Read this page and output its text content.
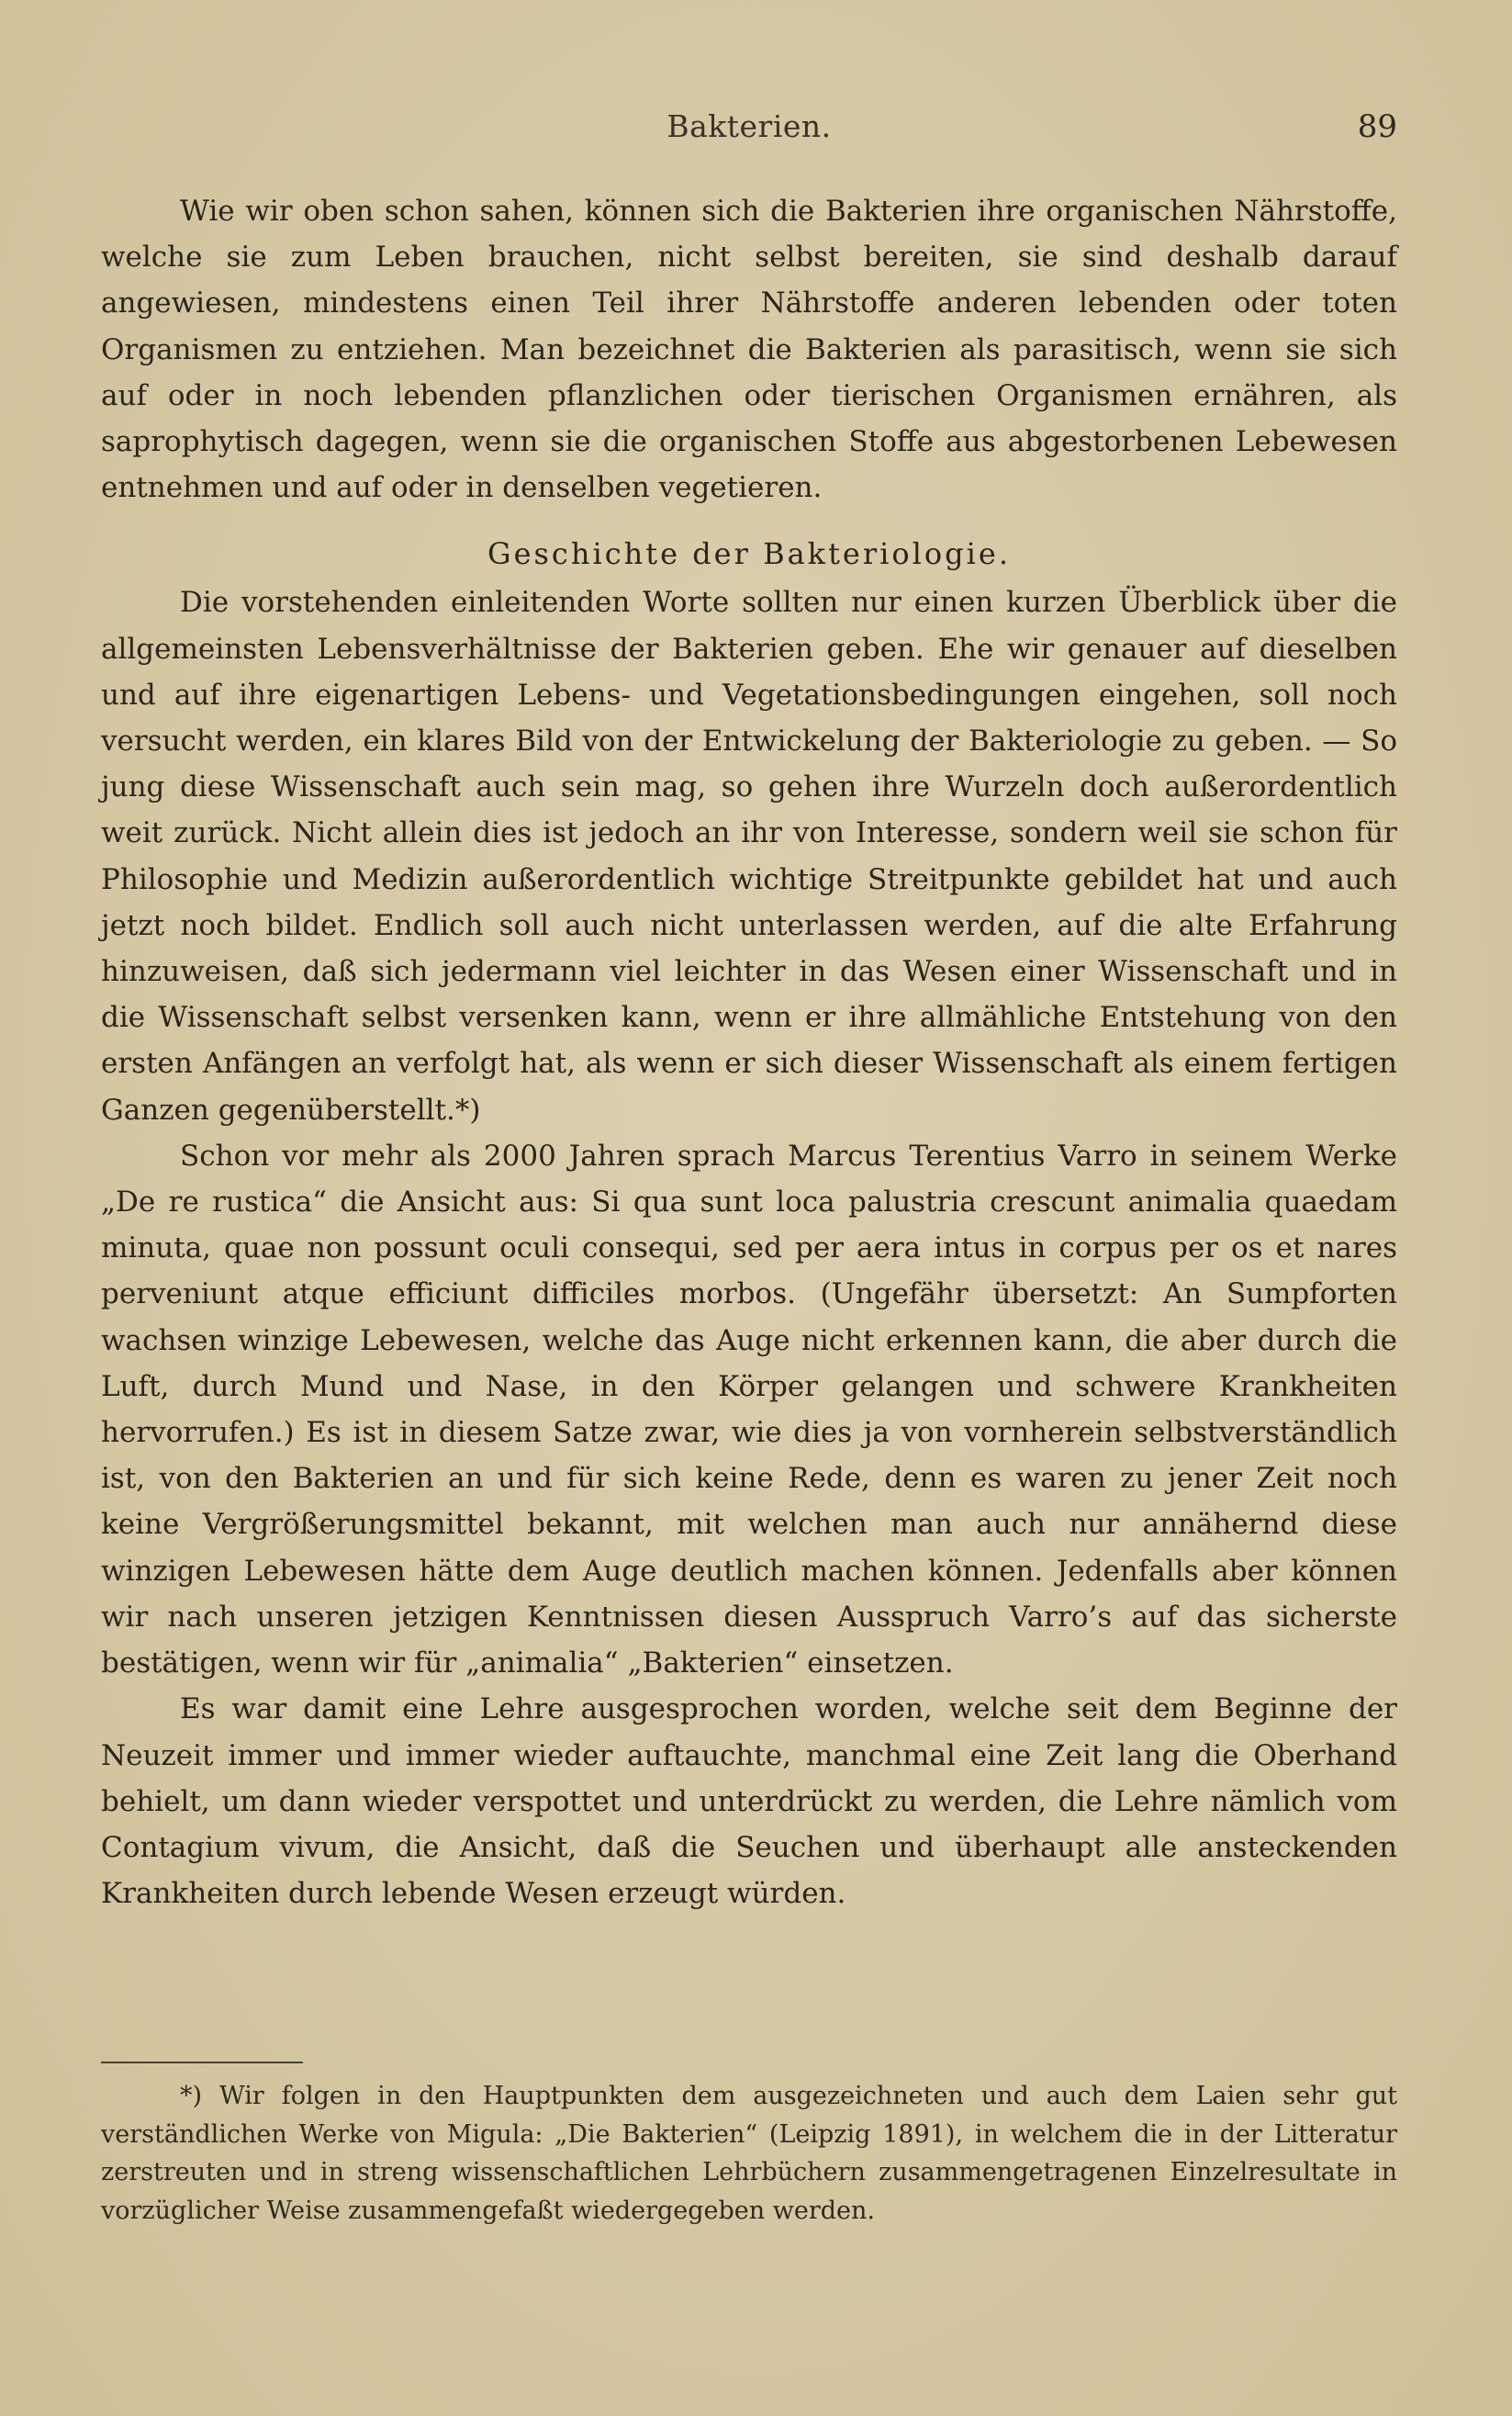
Bakterien.	89

Wie wir oben schon sahen, können sich die Bakterien ihre organischen Nährstoffe, welche sie zum Leben brauchen, nicht selbst bereiten, sie sind deshalb darauf angewiesen, mindestens einen Teil ihrer Nährstoffe anderen lebenden oder toten Organismen zu entziehen. Man bezeichnet die Bakterien als parasitisch, wenn sie sich auf oder in noch lebenden pflanzlichen oder tierischen Organismen ernähren, als saprophytisch dagegen, wenn sie die organischen Stoffe aus abgestorbenen Lebewesen entnehmen und auf oder in denselben vegetieren.

Geschichte der Bakteriologie.

Die vorstehenden einleitenden Worte sollten nur einen kurzen Überblick über die allgemeinsten Lebensverhältnisse der Bakterien geben. Ehe wir genauer auf dieselben und auf ihre eigenartigen Lebens- und Vegetationsbedingungen eingehen, soll noch versucht werden, ein klares Bild von der Entwickelung der Bakteriologie zu geben. — So jung diese Wissenschaft auch sein mag, so gehen ihre Wurzeln doch außerordentlich weit zurück. Nicht allein dies ist jedoch an ihr von Interesse, sondern weil sie schon für Philosophie und Medizin außerordentlich wichtige Streitpunkte gebildet hat und auch jetzt noch bildet. Endlich soll auch nicht unterlassen werden, auf die alte Erfahrung hinzuweisen, daß sich jedermann viel leichter in das Wesen einer Wissenschaft und in die Wissenschaft selbst versenken kann, wenn er ihre allmähliche Entstehung von den ersten Anfängen an verfolgt hat, als wenn er sich dieser Wissenschaft als einem fertigen Ganzen gegenüberstellt.*)

Schon vor mehr als 2000 Jahren sprach Marcus Terentius Varro in seinem Werke „De re rustica“ die Ansicht aus: Si qua sunt loca palustria crescunt animalia quaedam minuta, quae non possunt oculi consequi, sed per aera intus in corpus per os et nares perveniunt atque efficiunt difficiles morbos. (Ungefähr übersetzt: An Sumpforten wachsen winzige Lebewesen, welche das Auge nicht erkennen kann, die aber durch die Luft, durch Mund und Nase, in den Körper gelangen und schwere Krankheiten hervorrufen.) Es ist in diesem Satze zwar, wie dies ja von vornherein selbstverständlich ist, von den Bakterien an und für sich keine Rede, denn es waren zu jener Zeit noch keine Vergrößerungsmittel bekannt, mit welchen man auch nur annähernd diese winzigen Lebewesen hätte dem Auge deutlich machen können. Jedenfalls aber können wir nach unseren jetzigen Kenntnissen diesen Ausspruch Varro’s auf das sicherste bestätigen, wenn wir für „animalia“ „Bakterien“ einsetzen.

Es war damit eine Lehre ausgesprochen worden, welche seit dem Beginne der Neuzeit immer und immer wieder auftauchte, manchmal eine Zeit lang die Oberhand behielt, um dann wieder verspottet und unterdrückt zu werden, die Lehre nämlich vom Contagium vivum, die Ansicht, daß die Seuchen und überhaupt alle ansteckenden Krankheiten durch lebende Wesen erzeugt würden.

*) Wir folgen in den Hauptpunkten dem ausgezeichneten und auch dem Laien sehr gut verständlichen Werke von Migula: „Die Bakterien“ (Leipzig 1891), in welchem die in der Litteratur zerstreuten und in streng wissenschaftlichen Lehrbüchern zusammengetragenen Einzelresultate in vorzüglicher Weise zusammengefaßt wiedergegeben werden.
